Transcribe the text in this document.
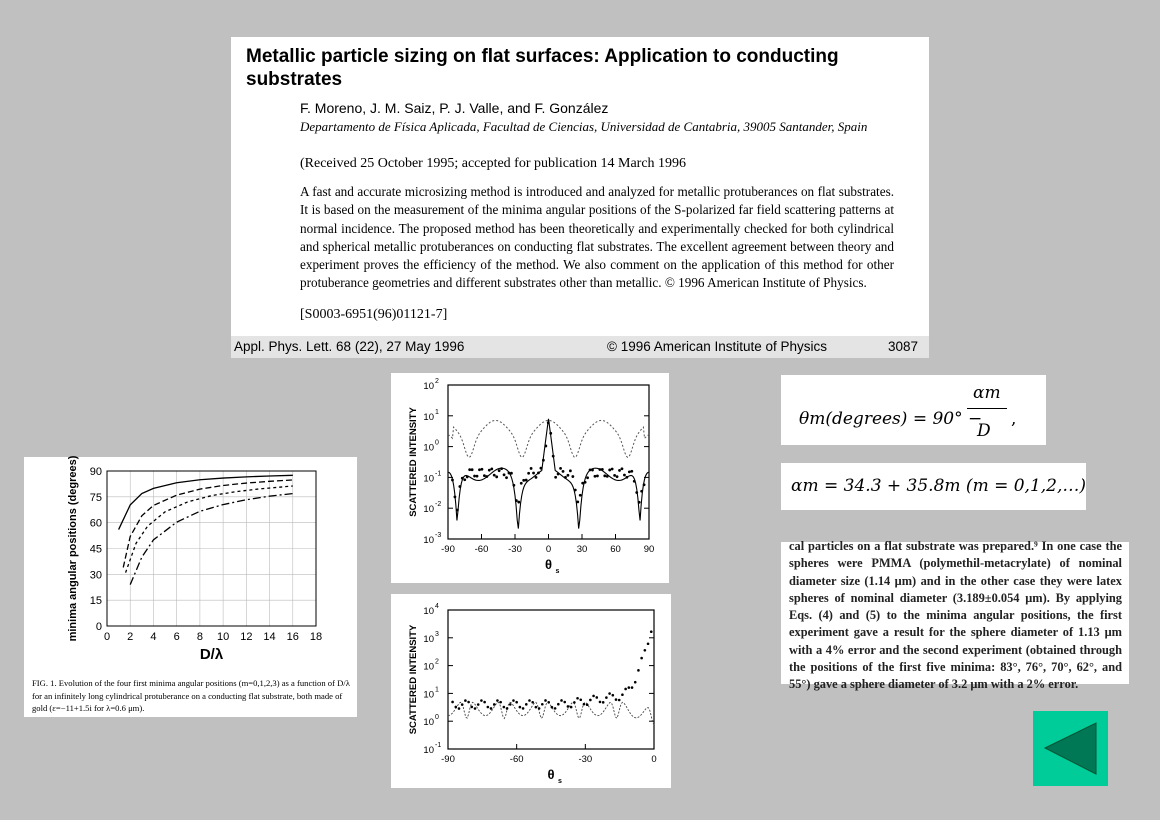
Metallic particle sizing on flat surfaces: Application to conducting substrates
F. Moreno, J. M. Saiz, P. J. Valle, and F. González
Departamento de Física Aplicada, Facultad de Ciencias, Universidad de Cantabria, 39005 Santander, Spain
(Received 25 October 1995; accepted for publication 14 March 1996
A fast and accurate microsizing method is introduced and analyzed for metallic protuberances on flat substrates. It is based on the measurement of the minima angular positions of the S-polarized far field scattering patterns at normal incidence. The proposed method has been theoretically and experimentally checked for both cylindrical and spherical metallic protuberances on conducting flat substrates. The excellent agreement between theory and experiment proves the efficiency of the method. We also comment on the application of this method for other protuberance geometries and different substrates other than metallic. © 1996 American Institute of Physics.
[S0003-6951(96)01121-7]
Appl. Phys. Lett. 68 (22), 27 May 1996	© 1996 American Institute of Physics	3087
0 2 4 6 8 10 12 14 16 18
0
15
30
45
60
75
90
D/λ
minima angular positions (degrees)
FIG. 1. Evolution of the four first minima angular positions (m=0,1,2,3) as a function of D/λ for an infinitely long cylindrical protuberance on a conducting flat substrate, both made of gold (ε=−11+1.5i for λ=0.6 μm).
-90 -60 -30	0	30 60 90
10 2
10 1
10 0
10 -1
10 -2
10 -3
θ s
SCATTERED INTENSITY
-90	-60	-30	0
10 4
10 3
10 2
10 1
10 0
10 -1
θ s
SCATTERED INTENSITY
θm(degrees) = 90° −
αm
D
,
αm = 34.3 + 35.8m (m = 0,1,2,…)
cal particles on a flat substrate was prepared.⁹ In one case the spheres were PMMA (polymethil-metacrylate) of nominal diameter size (1.14 μm) and in the other case they were latex spheres of nominal diameter (3.189±0.054 μm). By applying Eqs. (4) and (5) to the minima angular positions, the first experiment gave a result for the sphere diameter of 1.13 μm with a 4% error and the second experiment (obtained through the positions of the first five minima: 83°, 76°, 70°, 62°, and 55°) gave a sphere diameter of 3.2 μm with a 2% error.
